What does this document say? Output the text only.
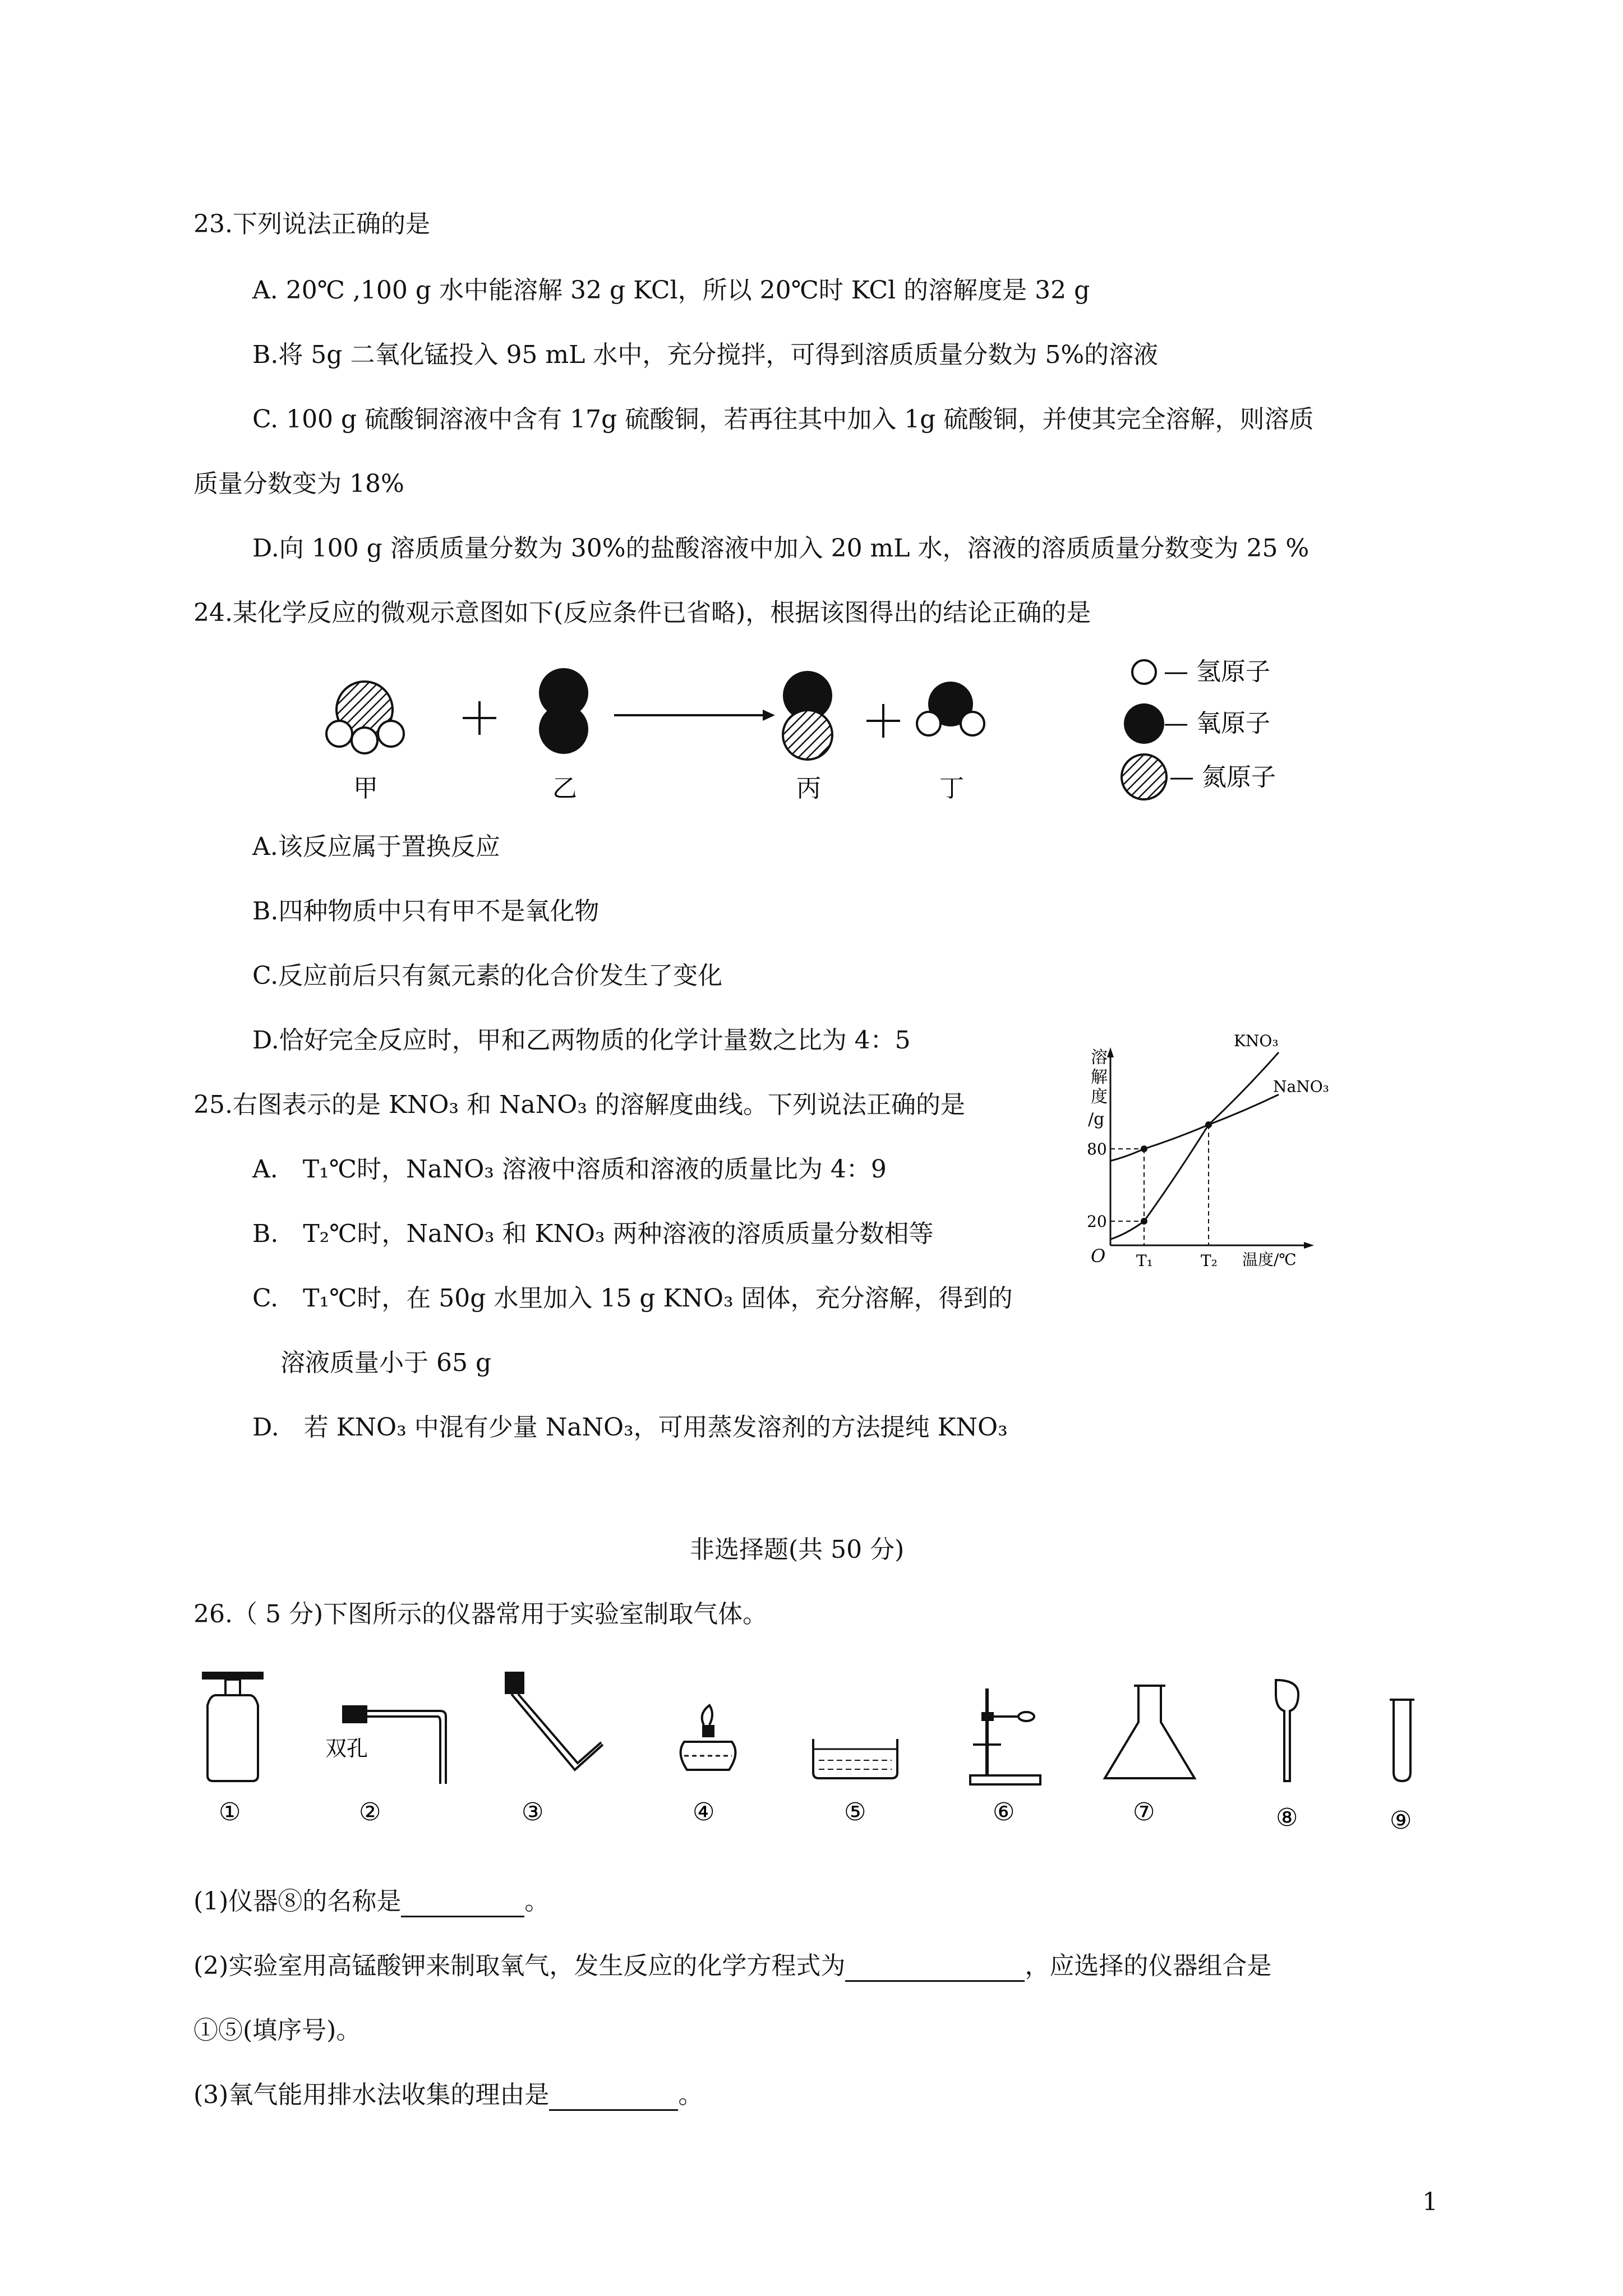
23.下列说法正确的是
A. 20℃ ,100 g 水中能溶解 32 g KCl，所以 20℃时 KCl 的溶解度是 32 g
B.将 5g 二氧化锰投入 95 mL 水中，充分搅拌，可得到溶质质量分数为 5%的溶液
C. 100 g 硫酸铜溶液中含有 17g 硫酸铜，若再往其中加入 1g 硫酸铜，并使其完全溶解，则溶质
质量分数变为 18%
D.向 100 g 溶质质量分数为 30%的盐酸溶液中加入 20 mL 水，溶液的溶质质量分数变为 25 %
24.某化学反应的微观示意图如下(反应条件已省略)，根据该图得出的结论正确的是
甲	乙	丙	丁
— 氢原子
— 氧原子
— 氮原子
A.该反应属于置换反应
B.四种物质中只有甲不是氧化物
C.反应前后只有氮元素的化合价发生了变化
D.恰好完全反应时，甲和乙两物质的化学计量数之比为 4：5
25.右图表示的是 KNO₃ 和 NaNO₃ 的溶解度曲线。下列说法正确的是
A.　T₁℃时，NaNO₃ 溶液中溶质和溶液的质量比为 4：9
B.　T₂℃时，NaNO₃ 和 KNO₃ 两种溶液的溶质质量分数相等
C.　T₁℃时，在 50g 水里加入 15 g KNO₃ 固体，充分溶解，得到的
溶液质量小于 65 g
D.　若 KNO₃ 中混有少量 NaNO₃，可用蒸发溶剂的方法提纯 KNO₃
溶
解
度
/g
O
KNO₃
NaNO₃
80
20
T₁	T₂ 温度/℃
非选择题(共 50 分)
26.（ 5 分)下图所示的仪器常用于实验室制取气体。
①
双孔
②	③	④	⑤	⑥	⑦	⑧	⑨
(1)仪器⑧的名称是	。
(2)实验室用高锰酸钾来制取氧气，发生反应的化学方程式为	，应选择的仪器组合是
①⑤(填序号)。
(3)氧气能用排水法收集的理由是	。
1
